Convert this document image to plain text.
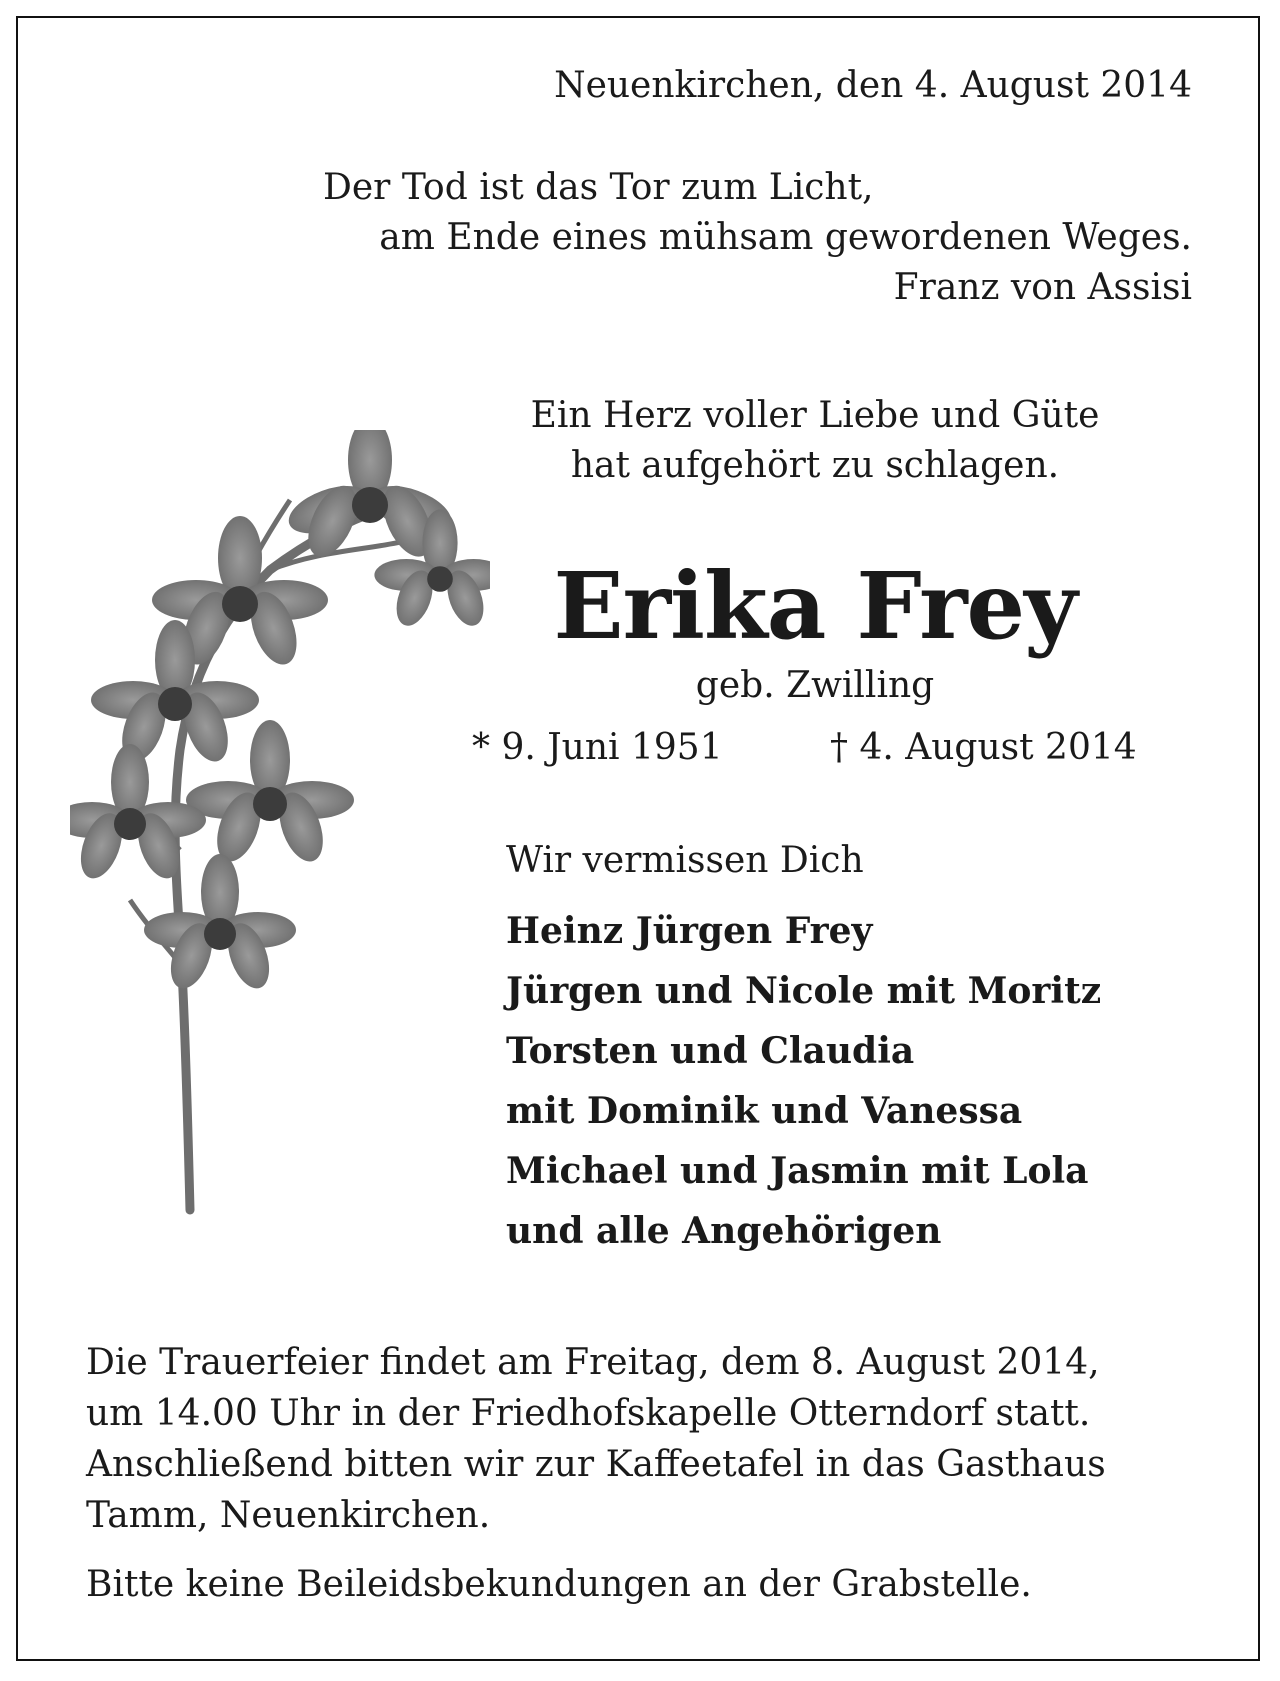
Neuenkirchen, den 4. August 2014
Der Tod ist das Tor zum Licht,
am Ende eines mühsam gewordenen Weges.
Franz von Assisi
Ein Herz voller Liebe und Güte
hat aufgehört zu schlagen.
Erika Frey
geb. Zwilling
* 9. Juni 1951	† 4. August 2014
Wir vermissen Dich
Heinz Jürgen Frey
Jürgen und Nicole mit Moritz
Torsten und Claudia
mit Dominik und Vanessa
Michael und Jasmin mit Lola
und alle Angehörigen
Die Trauerfeier findet am Freitag, dem 8. August 2014,
um 14.00 Uhr in der Friedhofskapelle Otterndorf statt.
Anschließend bitten wir zur Kaffeetafel in das Gasthaus
Tamm, Neuenkirchen.
Bitte keine Beileidsbekundungen an der Grabstelle.
